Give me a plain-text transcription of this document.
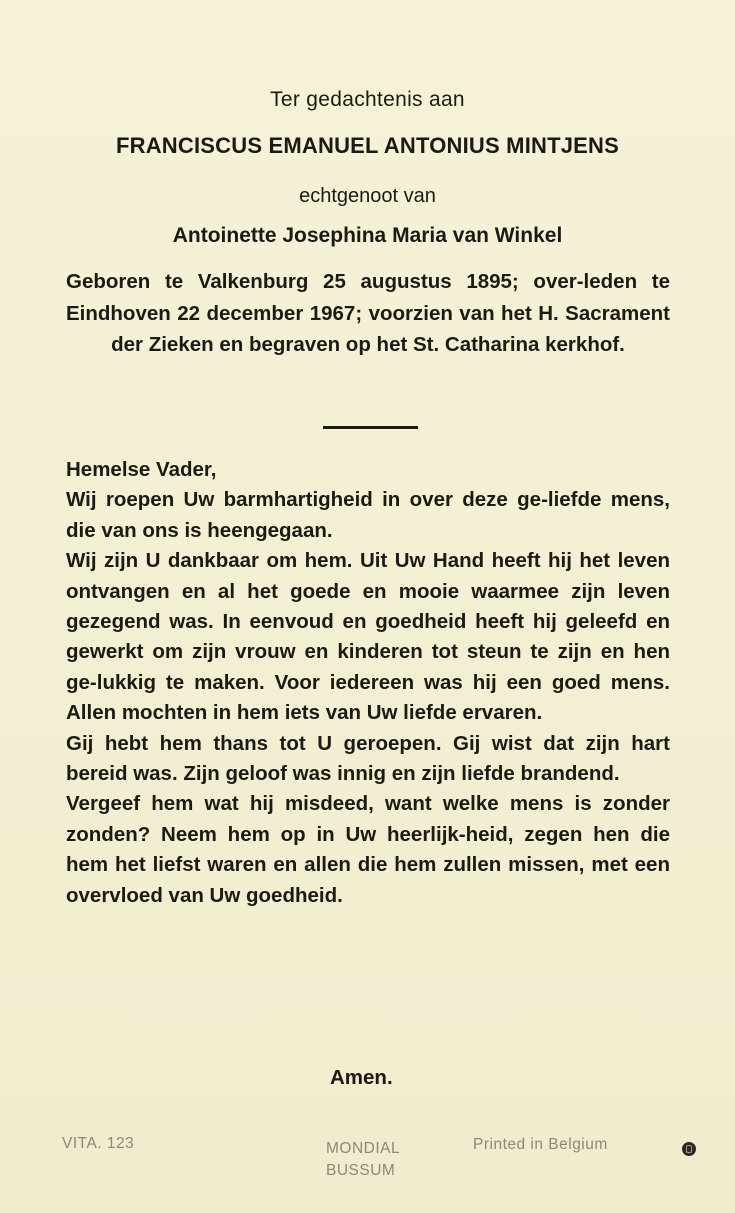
Ter gedachtenis aan
FRANCISCUS EMANUEL ANTONIUS MINTJENS
echtgenoot van
Antoinette Josephina Maria van Winkel
Geboren te Valkenburg 25 augustus 1895; over-leden te Eindhoven 22 december 1967; voorzien van het H. Sacrament der Zieken en begraven op het St. Catharina kerkhof.

Hemelse Vader,

Wij roepen Uw barmhartigheid in over deze ge-liefde mens, die van ons is heengegaan.

Wij zijn U dankbaar om hem. Uit Uw Hand heeft hij het leven ontvangen en al het goede en mooie waarmee zijn leven gezegend was. In eenvoud en goedheid heeft hij geleefd en gewerkt om zijn vrouw en kinderen tot steun te zijn en hen ge-lukkig te maken. Voor iedereen was hij een goed mens. Allen mochten in hem iets van Uw liefde ervaren.

Gij hebt hem thans tot U geroepen. Gij wist dat zijn hart bereid was. Zijn geloof was innig en zijn liefde brandend.

Vergeef hem wat hij misdeed, want welke mens is zonder zonden? Neem hem op in Uw heerlijk-heid, zegen hen die hem het liefst waren en allen die hem zullen missen, met een overvloed van Uw goedheid.

Amen.
VITA. 123	MONDIAL
BUSSUM
Printed in Belgium
